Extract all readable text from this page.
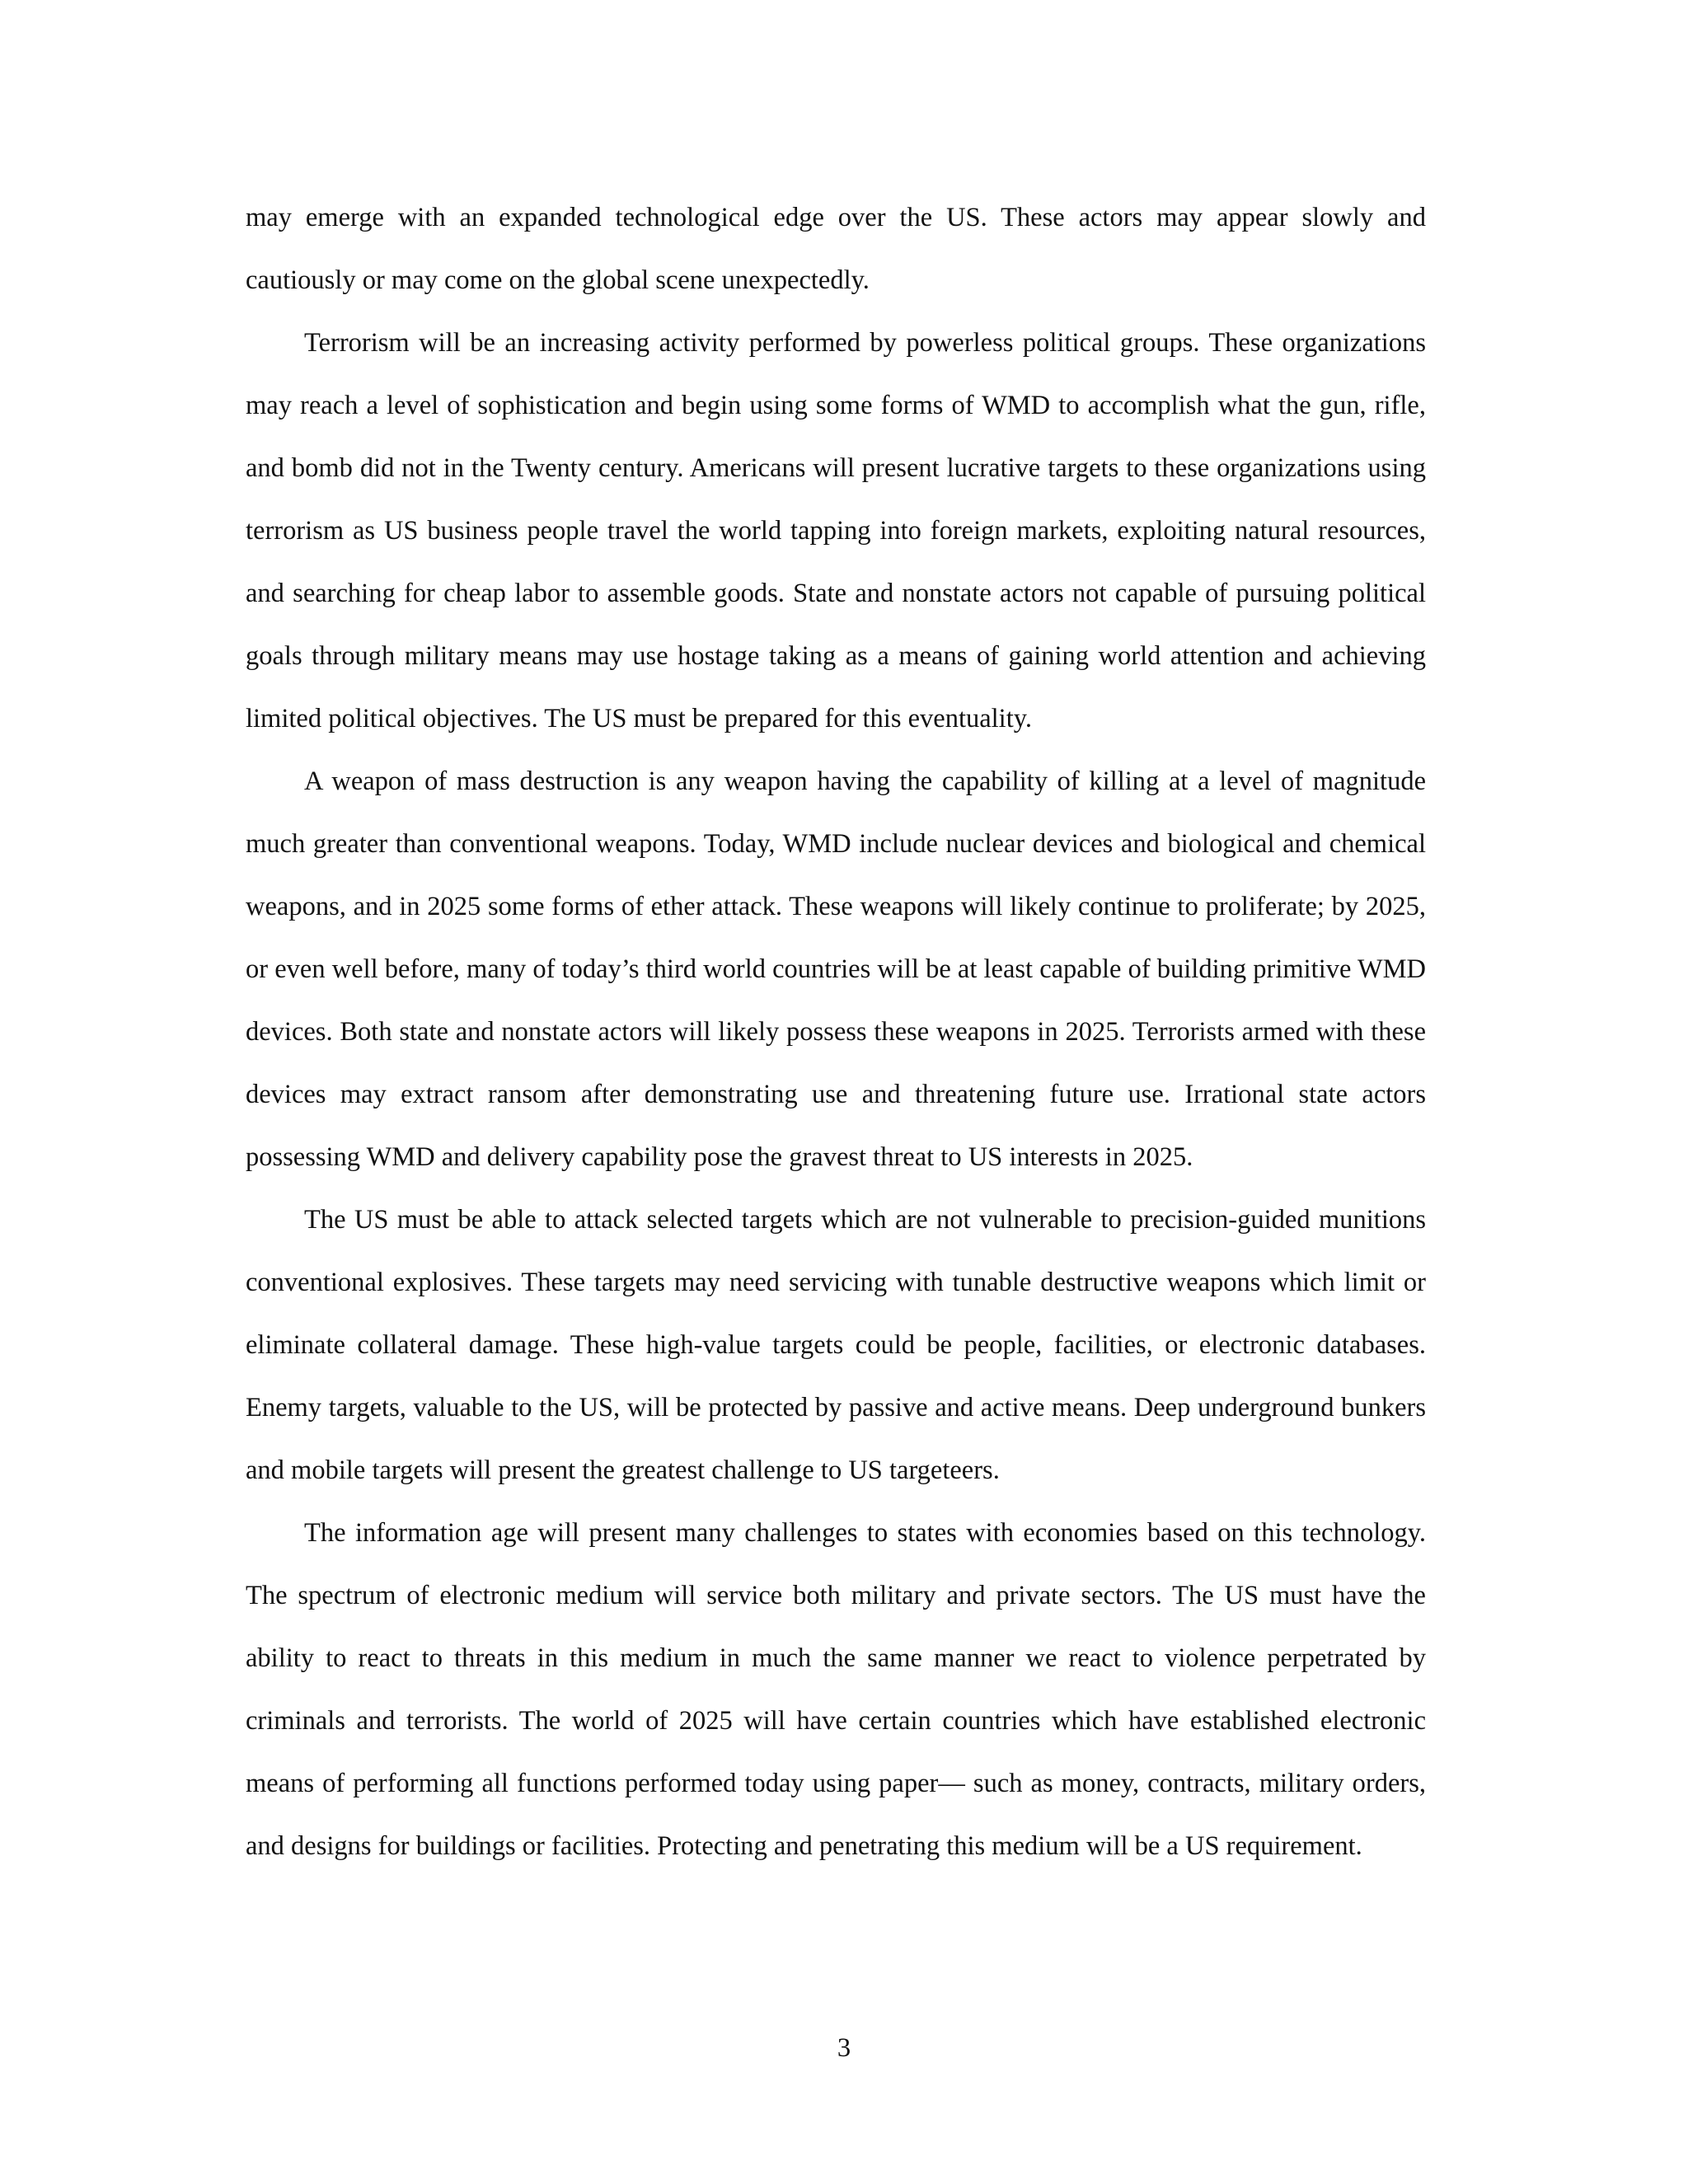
may emerge with an expanded technological edge over the US. These actors may appear slowly and cautiously or may come on the global scene unexpectedly.

Terrorism will be an increasing activity performed by powerless political groups. These organizations may reach a level of sophistication and begin using some forms of WMD to accomplish what the gun, rifle, and bomb did not in the Twenty century. Americans will present lucrative targets to these organizations using terrorism as US business people travel the world tapping into foreign markets, exploiting natural resources, and searching for cheap labor to assemble goods. State and nonstate actors not capable of pursuing political goals through military means may use hostage taking as a means of gaining world attention and achieving limited political objectives. The US must be prepared for this eventuality.

A weapon of mass destruction is any weapon having the capability of killing at a level of magnitude much greater than conventional weapons. Today, WMD include nuclear devices and biological and chemical weapons, and in 2025 some forms of ether attack. These weapons will likely continue to proliferate; by 2025, or even well before, many of today’s third world countries will be at least capable of building primitive WMD devices. Both state and nonstate actors will likely possess these weapons in 2025. Terrorists armed with these devices may extract ransom after demonstrating use and threatening future use. Irrational state actors possessing WMD and delivery capability pose the gravest threat to US interests in 2025.

The US must be able to attack selected targets which are not vulnerable to precision-guided munitions conventional explosives. These targets may need servicing with tunable destructive weapons which limit or eliminate collateral damage. These high-value targets could be people, facilities, or electronic databases. Enemy targets, valuable to the US, will be protected by passive and active means. Deep underground bunkers and mobile targets will present the greatest challenge to US targeteers.

The information age will present many challenges to states with economies based on this technology. The spectrum of electronic medium will service both military and private sectors. The US must have the ability to react to threats in this medium in much the same manner we react to violence perpetrated by criminals and terrorists. The world of 2025 will have certain countries which have established electronic means of performing all functions performed today using paper— such as money, contracts, military orders, and designs for buildings or facilities. Protecting and penetrating this medium will be a US requirement.

3
